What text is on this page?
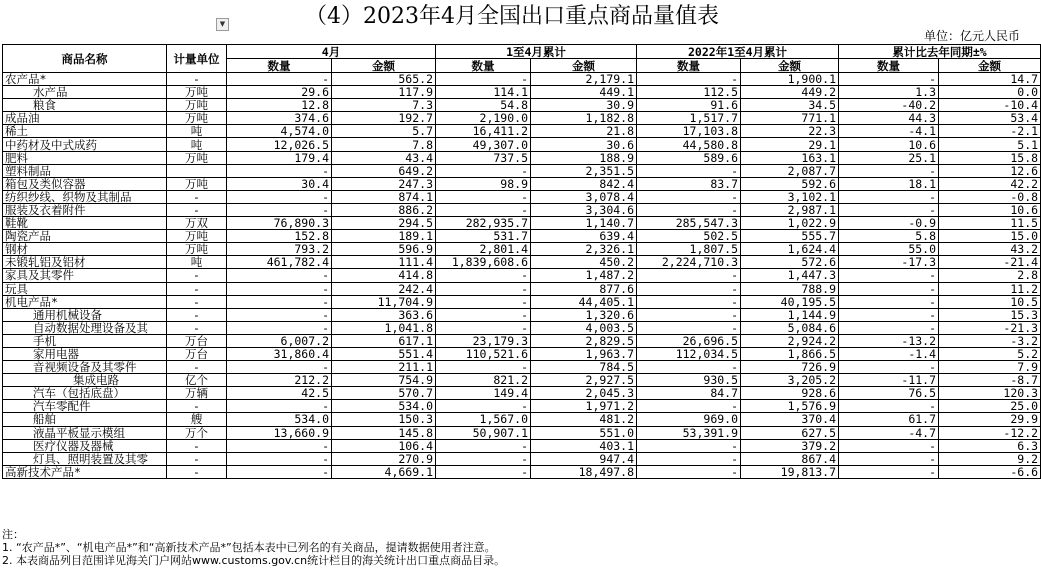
（4）2023年4月全国出口重点商品量值表
▼
单位：亿元人民币
商品名称	计量单位	4月		1至4月累计		2022年1至4月累计		累计比去年同期±%	
		数量	金额	数量	金额	数量	金额	数量	金额
农产品*	-	-	565.2	-	2,179.1	-	1,900.1	-	14.7
水产品	万吨	29.6	117.9	114.1	449.1	112.5	449.2	1.3	0.0
粮食	万吨	12.8	7.3	54.8	30.9	91.6	34.5	-40.2	-10.4
成品油	万吨	374.6	192.7	2,190.0	1,182.8	1,517.7	771.1	44.3	53.4
稀土	吨	4,574.0	5.7	16,411.2	21.8	17,103.8	22.3	-4.1	-2.1
中药材及中式成药	吨	12,026.5	7.8	49,307.0	30.6	44,580.8	29.1	10.6	5.1
肥料	万吨	179.4	43.4	737.5	188.9	589.6	163.1	25.1	15.8
塑料制品		-	649.2	-	2,351.5	-	2,087.7	-	12.6
箱包及类似容器	万吨	30.4	247.3	98.9	842.4	83.7	592.6	18.1	42.2
纺织纱线、织物及其制品	-	-	874.1	-	3,078.4	-	3,102.1	-	-0.8
服装及衣着附件	-	-	886.2	-	3,304.6	-	2,987.1	-	10.6
鞋靴	万双	76,890.3	294.5	282,935.7	1,140.7	285,547.3	1,022.9	-0.9	11.5
陶瓷产品	万吨	152.8	189.1	531.7	639.4	502.5	555.7	5.8	15.0
钢材	万吨	793.2	596.9	2,801.4	2,326.1	1,807.5	1,624.4	55.0	43.2
未锻轧铝及铝材	吨	461,782.4	111.4	1,839,608.6	450.2	2,224,710.3	572.6	-17.3	-21.4
家具及其零件	-	-	414.8	-	1,487.2	-	1,447.3	-	2.8
玩具	-	-	242.4	-	877.6	-	788.9	-	11.2
机电产品*	-	-	11,704.9	-	44,405.1	-	40,195.5	-	10.5
通用机械设备	-	-	363.6	-	1,320.6	-	1,144.9	-	15.3
自动数据处理设备及其	-	-	1,041.8	-	4,003.5	-	5,084.6	-	-21.3
手机	万台	6,007.2	617.1	23,179.3	2,829.5	26,696.5	2,924.2	-13.2	-3.2
家用电器	万台	31,860.4	551.4	110,521.6	1,963.7	112,034.5	1,866.5	-1.4	5.2
音视频设备及其零件	-	-	211.1	-	784.5	-	726.9	-	7.9
集成电路	亿个	212.2	754.9	821.2	2,927.5	930.5	3,205.2	-11.7	-8.7
汽车（包括底盘）	万辆	42.5	570.7	149.4	2,045.3	84.7	928.6	76.5	120.3
汽车零配件	-	-	534.0	-	1,971.2	-	1,576.9	-	25.0
船舶	艘	534.0	150.3	1,567.0	481.2	969.0	370.4	61.7	29.9
液晶平板显示模组	万个	13,660.9	145.8	50,907.1	551.0	53,391.9	627.5	-4.7	-12.2
医疗仪器及器械	-	-	106.4	-	403.1	-	379.2	-	6.3
灯具、照明装置及其零	-	-	270.9	-	947.4	-	867.4	-	9.2
高新技术产品*	-	-	4,669.1	-	18,497.8	-	19,813.7	-	-6.6
注：
1. “农产品*”、“机电产品*”和“高新技术产品*”包括本表中已列名的有关商品，提请数据使用者注意。
2. 本表商品列目范围详见海关门户网站www.customs.gov.cn统计栏目的海关统计出口重点商品目录。
